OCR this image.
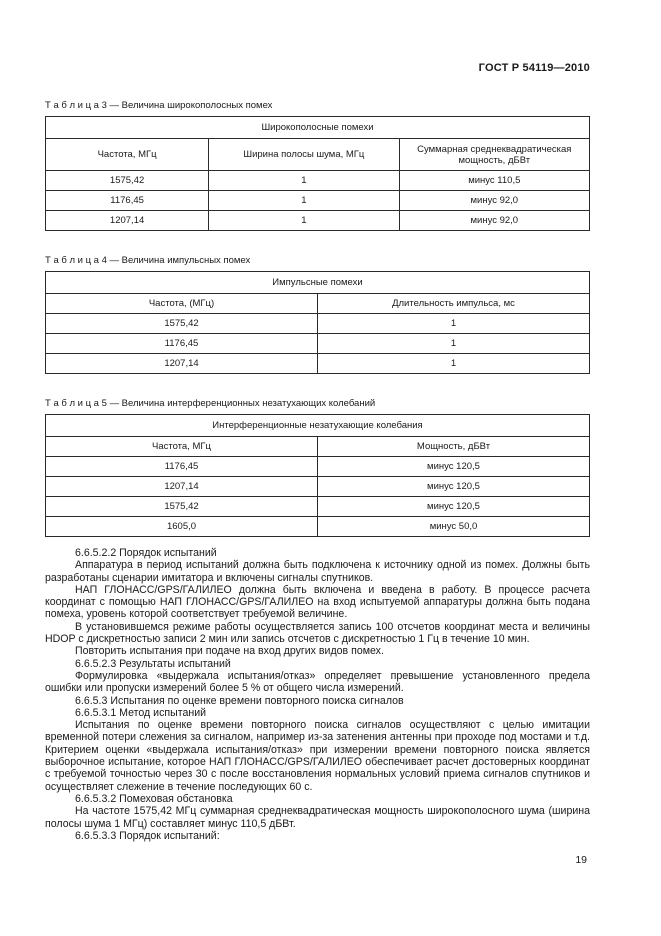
ГОСТ Р 54119—2010
Т а б л и ц а 3 — Величина широкополосных помех
Широкополосные помехи		
Частота, МГц	Ширина полосы шума, МГц	Суммарная среднеквадратическая мощность, дБВт
1575,42	1	минус 110,5
1176,45	1	минус 92,0
1207,14	1	минус 92,0
Т а б л и ц а 4 — Величина импульсных помех
Импульсные помехи	
Частота, (МГц)	Длительность импульса, мс
1575,42	1
1176,45	1
1207,14	1
Т а б л и ц а 5 — Величина интерференционных незатухающих колебаний
Интерференционные незатухающие колебания	
Частота, МГц	Мощность, дБВт
1176,45	минус 120,5
1207,14	минус 120,5
1575,42	минус 120,5
1605,0	минус 50,0

6.6.5.2.2 Порядок испытаний

Аппаратура в период испытаний должна быть подключена к источнику одной из помех. Должны быть разработаны сценарии имитатора и включены сигналы спутников.

НАП ГЛОНАСС/GPS/ГАЛИЛЕО должна быть включена и введена в работу. В процессе расчета координат с помощью НАП ГЛОНАСС/GPS/ГАЛИЛЕО на вход испытуемой аппаратуры должна быть подана помеха, уровень которой соответствует требуемой величине.

В установившемся режиме работы осуществляется запись 100 отсчетов координат места и величины HDOP с дискретностью записи 2 мин или запись отсчетов с дискретностью 1 Гц в течение 10 мин.

Повторить испытания при подаче на вход других видов помех.

6.6.5.2.3 Результаты испытаний

Формулировка «выдержала испытания/отказ» определяет превышение установленного предела ошибки или пропуски измерений более 5 % от общего числа измерений.

6.6.5.3 Испытания по оценке времени повторного поиска сигналов

6.6.5.3.1 Метод испытаний

Испытания по оценке времени повторного поиска сигналов осуществляют с целью имитации временной потери слежения за сигналом, например из-за затенения антенны при проходе под мостами и т.д. Критерием оценки «выдержала испытания/отказ» при измерении времени повторного поиска является выборочное испытание, которое НАП ГЛОНАСС/GPS/ГАЛИЛЕО обеспечивает расчет достоверных координат с требуемой точностью через 30 с после восстановления нормальных условий приема сигналов спутников и осуществляет слежение в течение последующих 60 с.

6.6.5.3.2 Помеховая обстановка

На частоте 1575,42 МГц суммарная среднеквадратическая мощность широкополосного шума (ширина полосы шума 1 МГц) составляет минус 110,5 дБВт.

6.6.5.3.3 Порядок испытаний:

19
